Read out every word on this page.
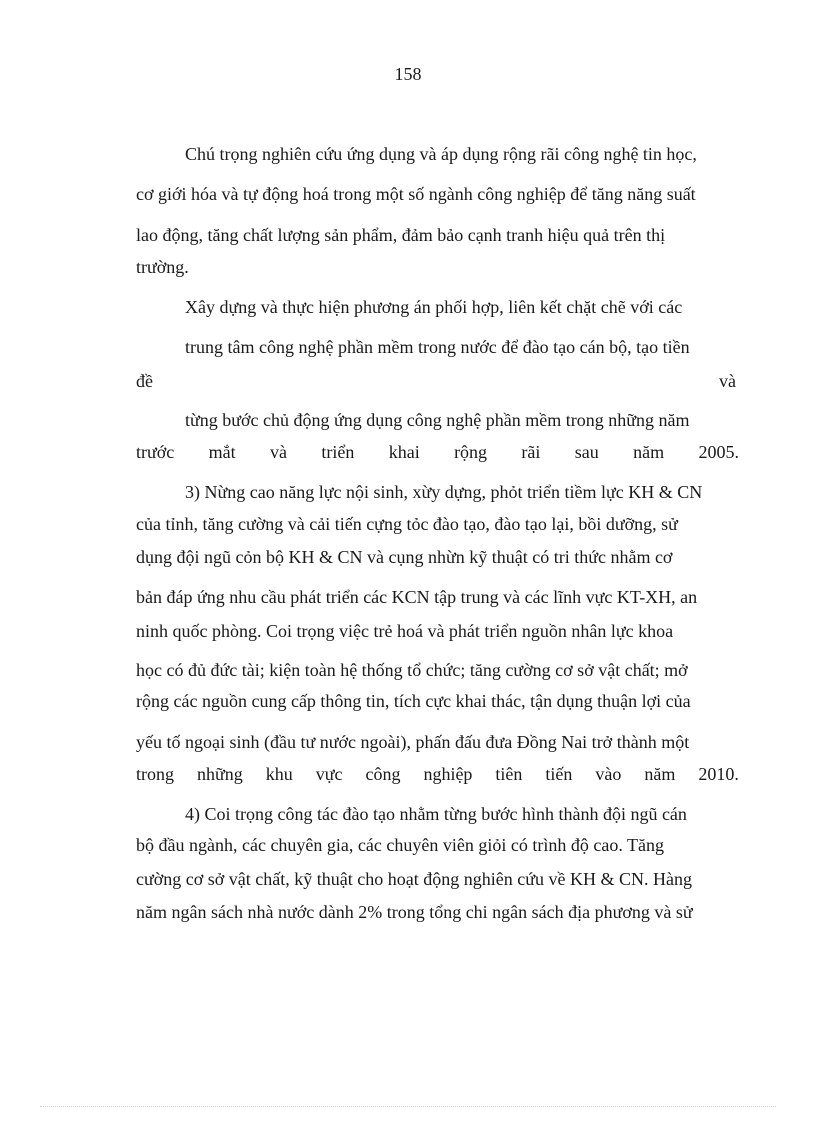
158
Chú trọng nghiên cứu ứng dụng và áp dụng rộng rãi công nghệ tin học,
cơ giới hóa và tự động hoá trong một số ngành công nghiệp để tăng năng suất
lao động, tăng chất lượng sản phẩm, đảm bảo cạnh tranh hiệu quả trên thị
trường.
Xây dựng và thực hiện phương án phối hợp, liên kết chặt chẽ với các
trung tâm công nghệ phần mềm trong nước để đào tạo cán bộ, tạo tiền
đề	và
từng bước chủ động ứng dụng công nghệ phần mềm trong những năm
trước mắt và triển khai rộng rãi sau năm 2005.
3) Nừng cao năng lực nội sinh, xừy dựng, phỏt triển tiềm lực KH & CN
của tỉnh, tăng cường và cải tiến cựng tỏc đào tạo, đào tạo lại, bồi dưỡng, sử
dụng đội ngũ cỏn bộ KH & CN và cụng nhừn kỹ thuật có tri thức nhằm cơ
bản đáp ứng nhu cầu phát triển các KCN tập trung và các lĩnh vực KT-XH, an
ninh quốc phòng. Coi trọng việc trẻ hoá và phát triển nguồn nhân lực khoa
học có đủ đức tài; kiện toàn hệ thống tổ chức; tăng cường cơ sở vật chất; mở
rộng các nguồn cung cấp thông tin, tích cực khai thác, tận dụng thuận lợi của
yếu tố ngoại sinh (đầu tư nước ngoài), phấn đấu đưa Đồng Nai trở thành một
trong những khu vực công nghiệp tiên tiến vào năm 2010.
4) Coi trọng công tác đào tạo nhằm từng bước hình thành đội ngũ cán
bộ đầu ngành, các chuyên gia, các chuyên viên giỏi có trình độ cao. Tăng
cường cơ sở vật chất, kỹ thuật cho hoạt động nghiên cứu về KH & CN. Hàng
năm ngân sách nhà nước dành 2% trong tổng chi ngân sách địa phương và sử
